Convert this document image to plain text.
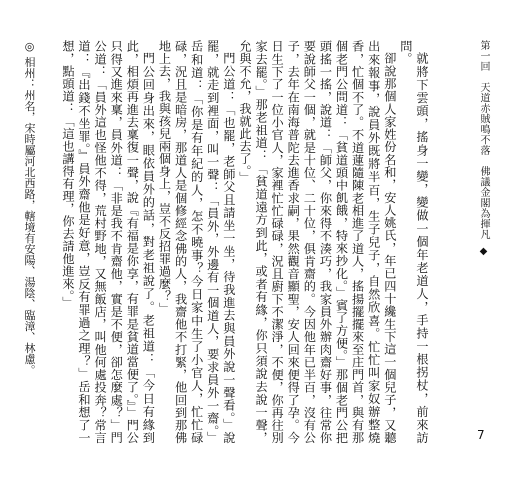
第一回　天道赤賊鳴不落　佛議金閣為揮凡◆
7

就將下雲頭，搖身一變，變做一個年老道人，手持一根拐杖，前來訪問。

卻說那個人家姓份名和，安人姚氏，年已四十纔生下這一個兒子，又聽出來報事，說員外既將半百，生子兒子，自然欣喜。忙忙叫家奴辦整燒香，忙個不了。不道蓮隨陳老相進了道人，搖揚擺擺來至庄門首，與有那個老門公問道：「貧道頭中飢餓，特來抄化。」賓了方便。」那個老門公把頭搖一搖，說道：「師父，你來得不湊巧，我家員外辦肉齋好事，往常你要說師父一個，就是十位、二十位，俱肯齋的。今因他年已半百，沒有公子，去年在南海普陀去進香求嗣，果然觀音顯聖，安人回來便得了孕。今日生下了一位小官人，家裡忙忙碌碌，況且廚下不潔淨，不便，你再往別家去罷。」那老祖道：「貧道遠方到此，或者有緣，你只須說去說一聲，允與不允，我就此去了。」

門公道：「也罷，老師父且請坐一坐，待我進去與員外說一聲看。」說罷，就走到裡面，叫一聲：「員外，外邊有一個道人，要求員外一齋。」岳和道：「你是有年紀的人，怎不曉事？今日家中生了小官人，忙忙碌碌，況且是暗房，那道人是個修經念佛的人，我齋他不打緊，他回到那佛地上去，我與孩兒兩個身上，豈不反招罪過麼？」

門公回身出來，眼依員外的話，對老祖說了。老祖道：「今日有緣到此，相煩再進去稟復一聲，說『有福是你享，有罪是貧道當便了。』」門公只得又進來稟，員外道：「非是我不肯齋他，實是不便，卻怎麼處？」門公道：「員外這也怪他不得，荒村野地，又無飯店，叫他何處投奔？常言道：『出錢不坐罪。』員外齋他是好意，豈反有罪過之理？」岳和想了一想，點頭道：「這也講得有理，你去請他進來。」

◎ 相州：州名，宋時屬河北西路，轄境有安陽、湯陰、臨漳、林慮。
